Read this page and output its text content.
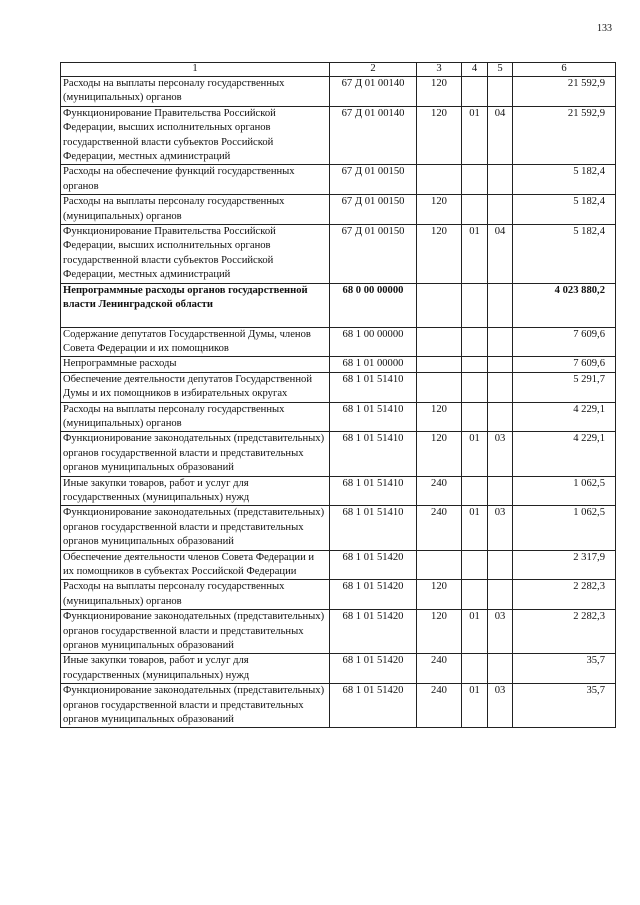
133
1	2	3	4	5	6
Расходы на выплаты персоналу государственных (муниципальных) органов	67 Д 01 00140	120			21 592,9
Функционирование Правительства Российской Федерации, высших исполнительных органов государственной власти субъектов Российской Федерации, местных администраций	67 Д 01 00140	120	01	04	21 592,9
Расходы на обеспечение функций государственных органов	67 Д 01 00150				5 182,4
Расходы на выплаты персоналу государственных (муниципальных) органов	67 Д 01 00150	120			5 182,4
Функционирование Правительства Российской Федерации, высших исполнительных органов государственной власти субъектов Российской Федерации, местных администраций	67 Д 01 00150	120	01	04	5 182,4
Непрограммные расходы органов государственной власти Ленинградской области	68 0 00 00000				4 023 880,2
Содержание депутатов Государственной Думы, членов Совета Федерации и их помощников	68 1 00 00000				7 609,6
Непрограммные расходы	68 1 01 00000				7 609,6
Обеспечение деятельности депутатов Государственной Думы и их помощников в избирательных округах	68 1 01 51410				5 291,7
Расходы на выплаты персоналу государственных (муниципальных) органов	68 1 01 51410	120			4 229,1
Функционирование законодательных (представительных) органов государственной власти и представительных органов муниципальных образований	68 1 01 51410	120	01	03	4 229,1
Иные закупки товаров, работ и услуг для государственных (муниципальных) нужд	68 1 01 51410	240			1 062,5
Функционирование законодательных (представительных) органов государственной власти и представительных органов муниципальных образований	68 1 01 51410	240	01	03	1 062,5
Обеспечение деятельности членов Совета Федерации и их помощников в субъектах Российской Федерации	68 1 01 51420				2 317,9
Расходы на выплаты персоналу государственных (муниципальных) органов	68 1 01 51420	120			2 282,3
Функционирование законодательных (представительных) органов государственной власти и представительных органов муниципальных образований	68 1 01 51420	120	01	03	2 282,3
Иные закупки товаров, работ и услуг для государственных (муниципальных) нужд	68 1 01 51420	240			35,7
Функционирование законодательных (представительных) органов государственной власти и представительных органов муниципальных образований	68 1 01 51420	240	01	03	35,7
